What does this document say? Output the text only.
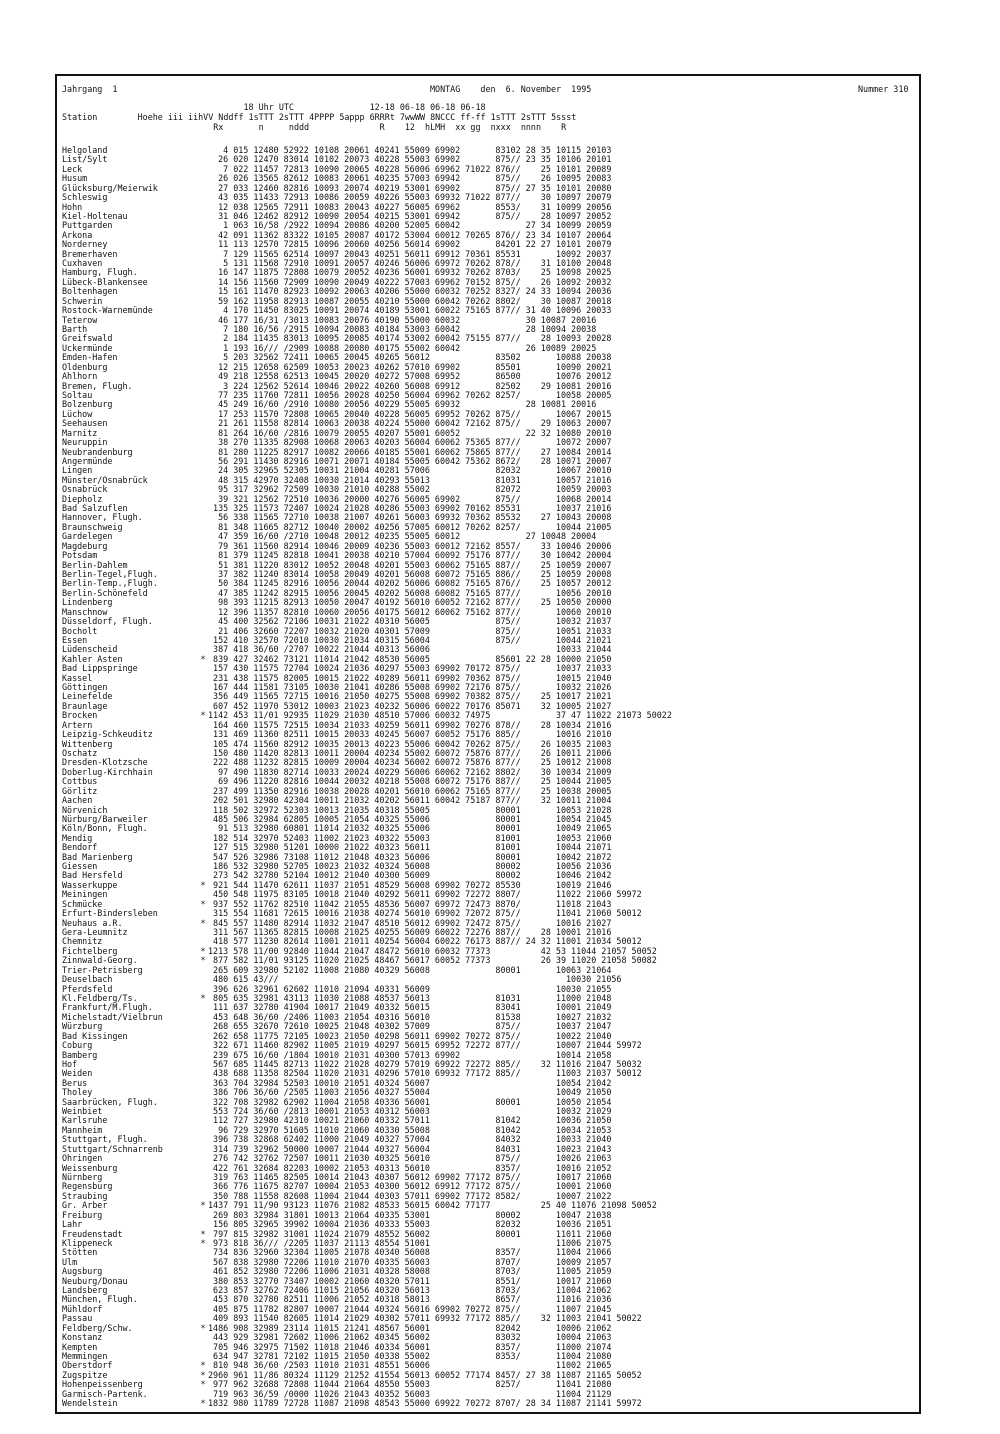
Jahrgang  1	MONTAG    den  6. November  1995	Nummer 310
18 Uhr UTC               12-18 06-18 06-18 06-18
Station        Hoehe iii iihVV Nddff 1sTTT 2sTTT 4PPPP 5appp 6RRRt 7wwWW 8NCCC ff-ff 1sTTT 2sTTT 5ssst
Rx       n     nddd              R    12  hLMH  xx gg  nxxx  nnnn    R
Helgoland	4 015 12480 52922 10108 20061 40241 55009 69902       83102 28 35 10115 20103
List/Sylt	26 020 12470 83014 10102 20073 40228 55003 69902       875// 23 35 10106 20101
Leck	7 022 11457 72813 10090 20065 40228 56006 69962 71022 876//    25 10101 20089
Husum	26 026 13565 82612 10083 20061 40235 57003 69942       875//    26 10095 20083
Glücksburg/Meierwik	27 033 12460 82816 10093 20074 40219 53001 69902       875// 27 35 10101 20080
Schleswig	43 035 11433 72913 10086 20059 40226 55003 69932 71022 877//    30 10097 20079
Hohn	12 038 12565 72911 10083 20043 40227 56005 69962       8553/    31 10099 20056
Kiel-Holtenau	31 046 12462 82912 10090 20054 40215 53001 69942       875//    28 10097 20052
Puttgarden	1 063 16/58 /2922 10094 20086 40200 52005 60042             27 34 10099 20059
Arkona	42 091 11362 83322 10105 20087 40172 53004 60012 70265 876// 23 34 10107 20064
Norderney	11 113 12570 72815 10096 20060 40256 56014 69902       84201 22 27 10101 20079
Bremerhaven	7 129 11565 62514 10097 20043 40251 56011 69912 70361 85531       10092 20037
Cuxhaven	5 131 11568 72910 10091 20057 40246 56006 69972 70262 878//    31 10100 20048
Hamburg, Flugh.	16 147 11875 72808 10079 20052 40236 56001 69932 70262 8703/    25 10098 20025
Lübeck-Blankensee	14 156 11560 72909 10090 20049 40222 57003 69962 70152 875//    26 10092 20032
Boltenhagen	15 161 11470 82923 10092 20063 40206 55000 60032 70252 8327/ 24 33 10094 20036
Schwerin	59 162 11958 82913 10087 20055 40210 55000 60042 70262 8802/    30 10087 20018
Rostock-Warnemünde	4 170 11450 83025 10091 20074 40189 53001 60022 75165 877// 31 40 10096 20033
Teterow	46 177 16/31 /3013 10083 20076 40190 55000 60032             30 10087 20016
Barth	7 180 16/56 /2915 10094 20083 40184 53003 60042             28 10094 20038
Greifswald	2 184 11435 83013 10095 20085 40174 53002 60042 75155 877//    28 10093 20028
Ückermünde	1 193 16/// /2909 10088 20080 40175 55002 60042             26 10089 20025
Emden-Hafen	5 203 32562 72411 10065 20045 40265 56012             83502       10088 20038
Oldenburg	12 215 12658 62509 10053 20023 40262 57010 69902       85501       10090 20021
Ahlhorn	49 218 12558 62513 10045 20020 40272 57008 69952       86500       10076 20012
Bremen, Flugh.	3 224 12562 52614 10046 20022 40260 56008 69912       82502    29 10081 20016
Soltau	77 235 11760 72811 10056 20028 40250 56004 69962 70262 8257/       10058 20005
Bolzenburg	45 249 16/60 /2910 10080 20056 40229 55005 69932             28 10081 20016
Lüchow	17 253 11570 72808 10065 20040 40228 56005 69952 70262 875//       10067 20015
Seehausen	21 261 11558 82814 10063 20038 40224 55000 60042 72162 875//    29 10063 20007
Marnitz	81 264 16/60 /2816 10079 20055 40207 55001 60052             22 32 10080 20010
Neuruppin	38 270 11335 82908 10068 20063 40203 56004 60062 75365 877//       10072 20007
Neubrandenburg	81 280 11225 82917 10082 20066 40185 55001 60062 75865 877//    27 10084 20014
Angermünde	56 291 11430 82916 10071 20071 40184 55005 60042 75362 8672/    28 10071 20007
Lingen	24 305 32965 52305 10031 21004 40281 57006             82032       10067 20010
Münster/Osnabrück	48 315 42970 32408 10030 21014 40293 55013             81031       10057 21016
Osnabrück	95 317 32962 72509 10030 21010 40288 55002             82072       10059 20003
Diepholz	39 321 12562 72510 10036 20000 40276 56005 69902       875//       10068 20014
Bad Salzuflen	135 325 11573 72407 10024 21028 40286 55003 69902 70162 85531       10037 21016
Hannover, Flugh.	56 338 11565 72710 10038 21007 40261 56003 69932 70362 85532    27 10043 20008
Braunschweig	81 348 11665 82712 10040 20002 40256 57005 60012 70262 8257/       10044 21005
Gardelegen	47 359 16/60 /2710 10048 20012 40235 55005 60012             27 10048 20004
Magdeburg	79 361 11560 82914 10046 20009 40236 55003 60012 72162 8557/    33 10046 20006
Potsdam	81 379 11245 82818 10041 20038 40210 57004 60092 75176 877//    30 10042 20004
Berlin-Dahlem	51 381 11220 83012 10052 20048 40201 55003 60062 75165 887//    25 10059 20007
Berlin-Tegel,Flugh.	37 382 11240 83014 10058 20049 40201 56008 60072 75165 886//    25 10059 20008
Berlin-Temp.,Flugh.	50 384 11245 82916 10056 20044 40202 56006 60082 75165 876//    25 10057 20012
Berlin-Schönefeld	47 385 11242 82915 10056 20045 40202 56008 60082 75165 877//       10056 20010
Lindenberg	98 393 11215 82913 10050 20047 40192 56010 60052 72162 877//    25 10050 20000
Manschnow	12 396 11357 82810 10060 20056 40175 56012 60062 75162 877//       10060 20010
Düsseldorf, Flugh.	45 400 32562 72106 10031 21022 40310 56005             875//       10032 21037
Bocholt	21 406 32660 72207 10032 21020 40301 57009             875//       10051 21033
Essen	152 410 32570 72010 10030 21034 40315 56004             875//       10044 21021
Lüdenscheid	387 418 36/60 /2707 10022 21044 40313 56006                         10033 21044
Kahler Asten	* 839 427 32462 73121 11014 21042 48530 56005             85601 22 28 10000 21050
Bad Lippspringe	157 430 11575 72704 10024 21036 40297 55003 69902 70172 875//       10037 21033
Kassel	231 438 11575 82005 10015 21022 40289 56011 69902 70362 875//       10015 21040
Göttingen	167 444 11581 73105 10030 21041 40286 55008 69902 72176 875//       10032 21026
Leinefelde	356 449 11565 72715 10016 21050 40275 55008 69902 70382 875//    25 10017 21021
Braunlage	607 452 11970 53012 10003 21023 40232 56006 60022 70176 85071    32 10005 21027
Brocken	* 1142 453 11/01 92935 11029 21030 48510 57006 60032 74975             37 47 11022 21073 50022
Artern	164 460 11575 72515 10034 21033 40259 56011 69902 70276 878//    28 10034 21016
Leipzig-Schkeuditz	131 469 11360 82511 10015 20033 40245 56007 60052 75176 885//       10016 21010
Wittenberg	105 474 11560 82912 10035 20013 40223 55006 60042 70262 875//    26 10035 21003
Oschatz	150 480 11420 82813 10011 20004 40234 55002 60072 75876 877//    26 10011 21006
Dresden-Klotzsche	222 488 11232 82815 10009 20004 40234 56002 60072 75876 877//    25 10012 21008
Doberlug-Kirchhain	97 490 11830 82714 10033 20024 40229 56006 60062 72162 8802/    30 10034 21009
Cottbus	69 496 11220 82816 10044 20032 40218 55008 60072 75176 887//    25 10044 21005
Görlitz	237 499 11350 82916 10038 20028 40201 56010 60062 75165 877//    25 10038 20005
Aachen	202 501 32980 42304 10011 21032 40202 56011 60042 75187 877//    32 10011 21004
Nörvenich	118 502 32972 52303 10013 21035 40318 55005             80001       10053 21028
Nürburg/Barweiler	485 506 32984 62805 10005 21054 40325 55006             80001       10054 21045
Köln/Bonn, Flugh.	91 513 32980 60801 11014 21032 40325 55006             80001       10049 21065
Mendig	182 514 32970 52403 11002 21023 40322 55003             81001       10053 21060
Bendorf	127 515 32980 51201 10000 21022 40323 56011             81001       10044 21071
Bad Marienberg	547 526 32986 73108 11012 21048 40323 56006             80001       10042 21072
Giessen	186 532 32980 52705 10023 21032 40324 56008             80002       10056 21036
Bad Hersfeld	273 542 32780 52104 10012 21040 40300 56009             80002       10046 21042
Wasserkuppe	* 921 544 11470 62611 11037 21051 48529 56008 69902 70272 85530       10019 21046
Meiningen	450 548 11975 83105 10018 21040 40292 56011 69902 72272 8807/       11022 21060 59972
Schmücke	* 937 552 11762 82510 11042 21055 48536 56007 69972 72473 8870/       11018 21043
Erfurt-Bindersleben	315 554 11681 72615 10016 21038 40274 56010 69902 72072 875//       11041 21060 50012
Neuhaus a.R.	* 845 557 11480 82914 11032 21047 48510 56012 69902 72472 875//       10016 21027
Gera-Leumnitz	311 567 11365 82815 10008 21025 40255 56009 60022 72276 887//    28 10001 21016
Chemnitz	418 577 11230 82614 11001 21011 40254 56004 60022 76173 887// 24 32 11001 21034 50012
Fichtelberg	* 1213 578 11/00 92840 11044 21047 48472 56010 60032 77373          42 53 11044 21057 50052
Zinnwald-Georg.	* 877 582 11/01 93125 11020 21025 48467 56017 60052 77373          26 39 11020 21058 50082
Trier-Petrisberg	265 609 32980 52102 11008 21080 40329 56008             80001       10063 21064
Deuselbach	480 615 43///                                                         10030 21056
Pferdsfeld	396 626 32961 62602 11010 21094 40331 56009                         10030 21055
Kl.Feldberg/Ts.	* 805 635 32981 43113 11030 21088 48537 56013             81031       11000 21048
Frankfurt/M.Flugh.	111 637 32780 41904 10017 21049 40332 56015             83041       10001 21049
Michelstadt/Vielbrun	453 648 36/60 /2406 11003 21054 40316 56010             81538       10027 21032
Würzburg	268 655 32670 72610 10025 21048 40302 57009             875//       10037 21047
Bad Kissingen	262 658 11775 72105 10023 21050 40298 56011 69902 70272 875//       10022 21040
Coburg	322 671 11460 82902 11005 21019 40297 56015 69952 72272 877//       10007 21044 59972
Bamberg	239 675 16/60 /1804 10010 21031 40300 57013 69902                   10014 21058
Hof	567 685 11445 82713 11022 21028 40279 57019 69922 72272 885//    32 11016 21047 50032
Weiden	438 688 11358 82504 11020 21031 40296 57010 69932 77172 885//       11003 21037 50012
Berus	363 704 32984 52503 10010 21051 40324 56007                         10054 21042
Tholey	386 706 36/60 /2505 11003 21056 40327 55004                         10049 21050
Saarbrücken, Flugh.	322 708 32982 62902 11004 21058 40336 56001             80001       10050 21054
Weinbiet	553 724 36/60 /2813 10001 21053 40312 56003                         10032 21029
Karlsruhe	112 727 32980 42310 10021 21060 40332 57011             81042       10036 21050
Mannheim	96 729 32970 51605 11010 21060 40330 55008             81042       10034 21053
Stuttgart, Flugh.	396 738 32868 62402 11000 21049 40327 57004             84032       10033 21040
Stuttgart/Schnarrenb	314 739 32962 50000 10007 21044 40327 56004             84031       10023 21043
Öhringen	276 742 32762 72507 10011 21030 40325 56010             875//       10026 21063
Weissenburg	422 761 32684 82203 10002 21053 40313 56010             8357/       10016 21052
Nürnberg	319 763 11465 82505 10014 21043 40307 56012 69902 77172 875//       10017 21060
Regensburg	366 776 11675 82707 10004 21053 40300 56012 69912 77172 875//       10001 21060
Straubing	350 788 11558 82608 11004 21044 40303 57011 69902 77172 8582/       10007 21022
Gr. Arber	* 1437 791 11/90 93123 11076 21082 48533 56015 60042 77177          25 40 11076 21098 50052
Freiburg	269 803 32984 31801 10013 21064 40335 53001             80002       10047 21038
Lahr	156 805 32965 39902 10004 21036 40333 55003             82032       10036 21051
Freudenstadt	* 797 815 32982 31001 11024 21079 48552 56002             80001       11011 21060
Klippeneck	* 973 818 36/// /2205 11037 21113 48554 51001                         11006 21075
Stötten	734 836 32960 32304 11005 21078 40340 56008             8357/       11004 21066
Ulm	567 838 32980 72206 11010 21070 40335 56003             8707/       10009 21057
Augsburg	461 852 32980 72206 11006 21031 40328 58008             8703/       11005 21059
Neuburg/Donau	380 853 32770 73407 10002 21060 40320 57011             8551/       10017 21060
Landsberg	623 857 32762 72406 11015 21056 40320 56013             8703/       11004 21062
München, Flugh.	453 870 32780 82511 11006 21052 40318 58013             8657/       11016 21036
Mühldorf	405 875 11782 82807 10007 21044 40324 56016 69902 70272 875//       11007 21045
Passau	409 893 11540 82605 11014 21029 40302 57011 69932 77172 885//    32 11003 21041 50022
Feldberg/Schw.	* 1486 908 32989 23114 11015 21241 48567 56001             82042       10006 21062
Konstanz	443 929 32981 72602 11006 21062 40345 56002             83032       10004 21063
Kempten	705 946 32975 71502 11018 21046 40334 56001             8357/       11000 21074
Memmingen	634 947 32781 72102 11015 21050 40338 55002             8353/       11004 21080
Oberstdorf	* 810 948 36/60 /2503 11010 21031 48551 56006                         11002 21065
Zugspitze	* 2960 961 11/86 80324 11129 21252 41554 56013 60052 77174 8457/ 27 38 11087 21165 50052
Hohenpeissenberg	* 977 962 32688 72808 11044 21064 48550 55003             8257/       11041 21080
Garmisch-Partenk.	719 963 36/59 /0000 11026 21043 40352 56003                         11004 21129
Wendelstein	* 1832 980 11789 72728 11087 21098 48543 55000 69922 70272 8707/ 28 34 11087 21141 59972
